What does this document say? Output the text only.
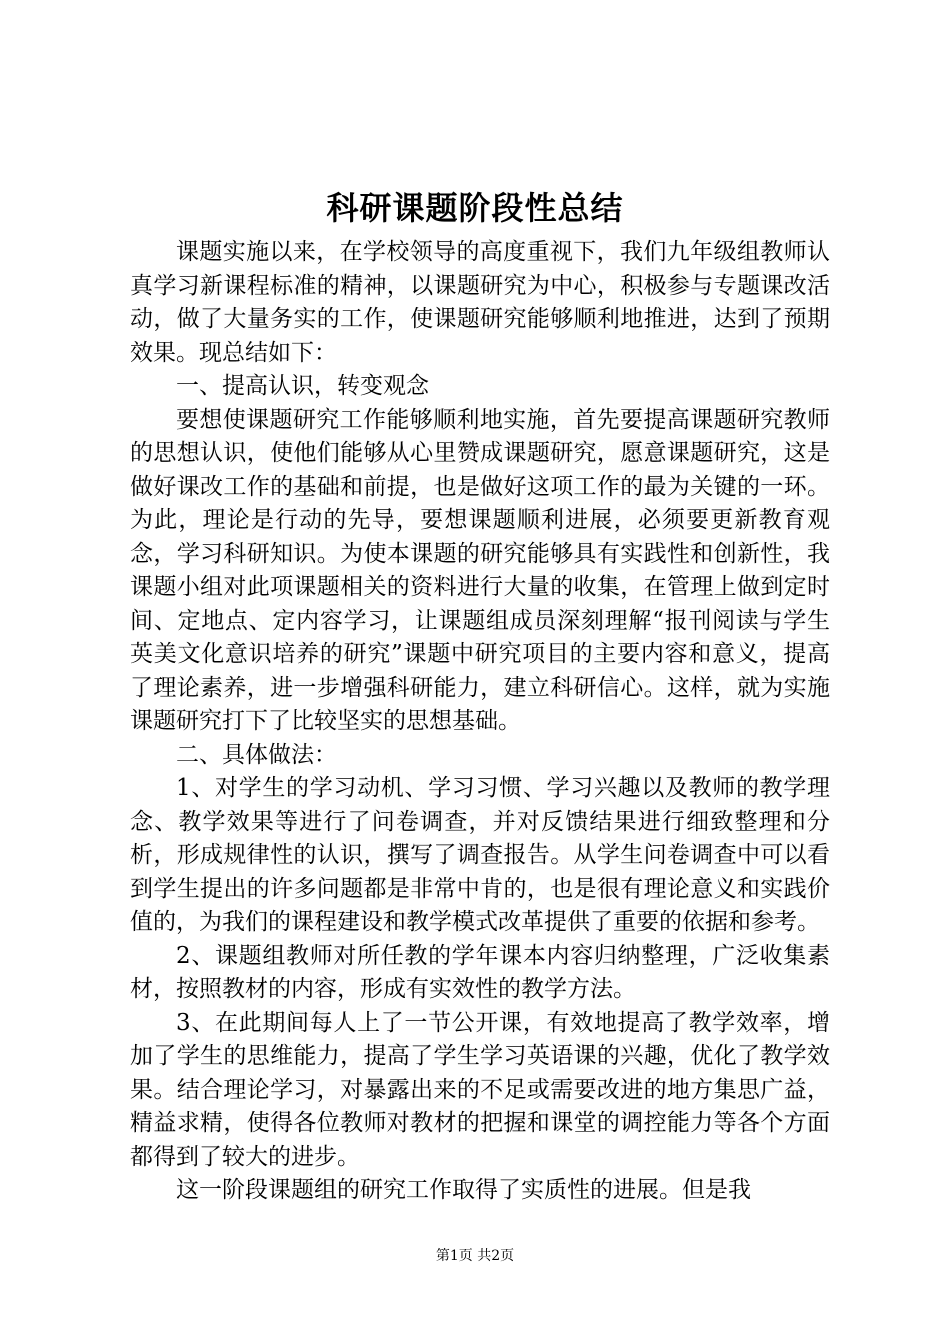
科研课题阶段性总结

课题实施以来，在学校领导的高度重视下，我们九年级组教师认真学习新课程标准的精神，以课题研究为中心，积极参与专题课改活动，做了大量务实的工作，使课题研究能够顺利地推进，达到了预期效果。现总结如下：

一、提高认识，转变观念

要想使课题研究工作能够顺利地实施，首先要提高课题研究教师的思想认识，使他们能够从心里赞成课题研究，愿意课题研究，这是做好课改工作的基础和前提，也是做好这项工作的最为关键的一环。为此，理论是行动的先导，要想课题顺利进展，必须要更新教育观念，学习科研知识。为使本课题的研究能够具有实践性和创新性，我课题小组对此项课题相关的资料进行大量的收集，在管理上做到定时间、定地点、定内容学习，让课题组成员深刻理解“报刊阅读与学生英美文化意识培养的研究”课题中研究项目的主要内容和意义，提高了理论素养，进一步增强科研能力，建立科研信心。这样，就为实施课题研究打下了比较坚实的思想基础。

二、具体做法：

1、对学生的学习动机、学习习惯、学习兴趣以及教师的教学理念、教学效果等进行了问卷调查，并对反馈结果进行细致整理和分析，形成规律性的认识，撰写了调查报告。从学生问卷调查中可以看到学生提出的许多问题都是非常中肯的，也是很有理论意义和实践价值的，为我们的课程建设和教学模式改革提供了重要的依据和参考。

2、课题组教师对所任教的学年课本内容归纳整理，广泛收集素材，按照教材的内容，形成有实效性的教学方法。

3、在此期间每人上了一节公开课，有效地提高了教学效率，增加了学生的思维能力，提高了学生学习英语课的兴趣，优化了教学效果。结合理论学习，对暴露出来的不足或需要改进的地方集思广益，精益求精，使得各位教师对教材的把握和课堂的调控能力等各个方面都得到了较大的进步。

这一阶段课题组的研究工作取得了实质性的进展。但是我

第1页 共2页
